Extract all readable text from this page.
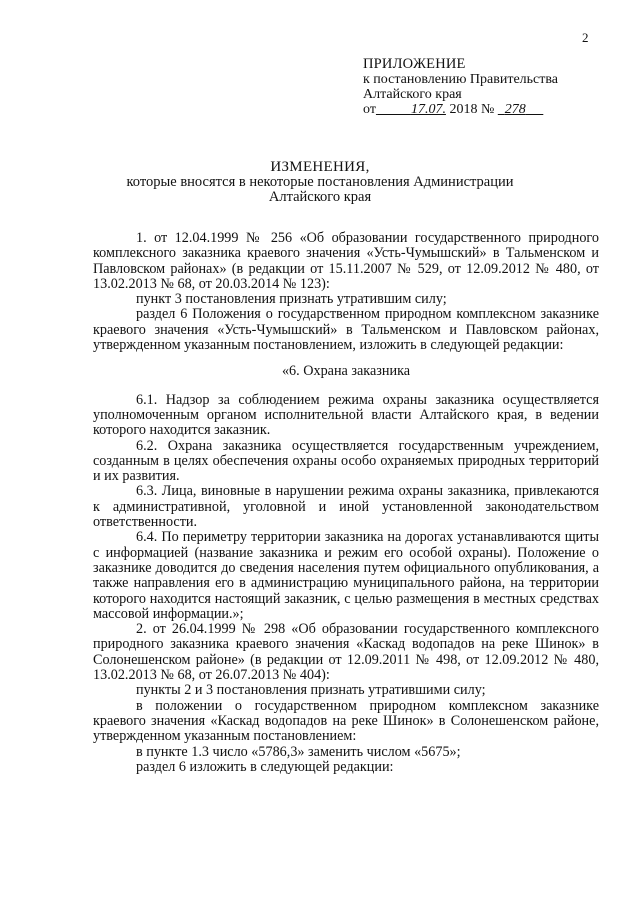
2
ПРИЛОЖЕНИЕ
к постановлению Правительства
Алтайского края
от	17.07. 2018 № 278
ИЗМЕНЕНИЯ,
которые вносятся в некоторые постановления Администрации
Алтайского края

1. от 12.04.1999 № 256 «Об образовании государственного природного комплексного заказника краевого значения «Усть-Чумышский» в Тальменском и Павловском районах» (в редакции от 15.11.2007 № 529, от 12.09.2012 № 480, от 13.02.2013 № 68, от 20.03.2014 № 123):

пункт 3 постановления признать утратившим силу;

раздел 6 Положения о государственном природном комплексном заказнике краевого значения «Усть-Чумышский» в Тальменском и Павловском районах, утвержденном указанным постановлением, изложить в следующей редакции:

«6. Охрана заказника

6.1. Надзор за соблюдением режима охраны заказника осуществляется уполномоченным органом исполнительной власти Алтайского края, в ведении которого находится заказник.

6.2. Охрана заказника осуществляется государственным учреждением, созданным в целях обеспечения охраны особо охраняемых природных территорий и их развития.

6.3. Лица, виновные в нарушении режима охраны заказника, привлекаются к административной, уголовной и иной установленной законодательством ответственности.

6.4. По периметру территории заказника на дорогах устанавливаются щиты с информацией (название заказника и режим его особой охраны). Положение о заказнике доводится до сведения населения путем официального опубликования, а также направления его в администрацию муниципального района, на территории которого находится настоящий заказник, с целью размещения в местных средствах массовой информации.»;

2. от 26.04.1999 № 298 «Об образовании государственного комплексного природного заказника краевого значения «Каскад водопадов на реке Шинок» в Солонешенском районе» (в редакции от 12.09.2011 № 498, от 12.09.2012 № 480, 13.02.2013 № 68, от 26.07.2013 № 404):

пункты 2 и 3 постановления признать утратившими силу;

в положении о государственном природном комплексном заказнике краевого значения «Каскад водопадов на реке Шинок» в Солонешенском районе, утвержденном указанным постановлением:

в пункте 1.3 число «5786,3» заменить числом «5675»;

раздел 6 изложить в следующей редакции:
